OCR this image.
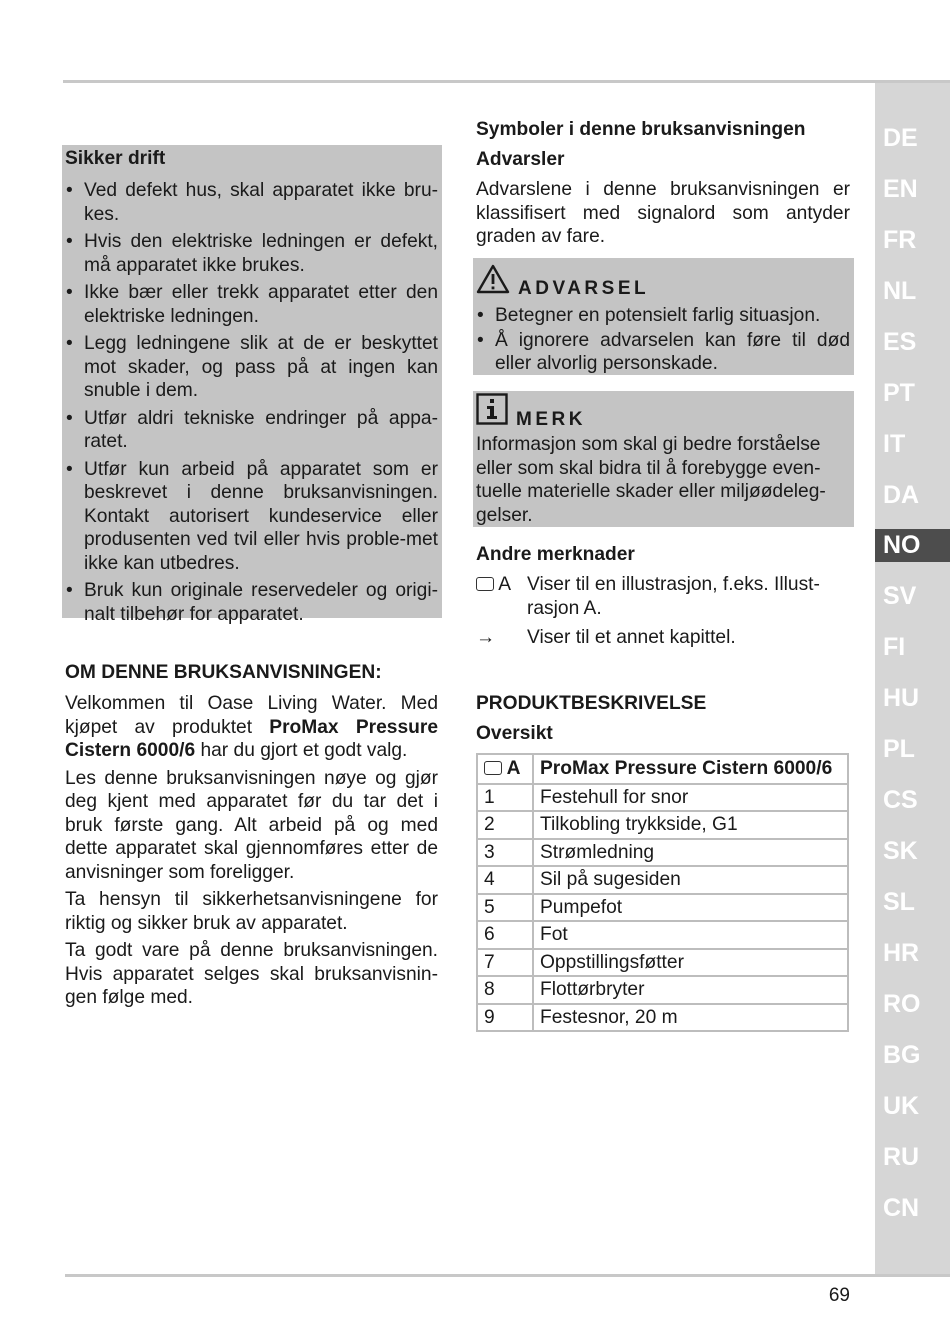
Sikker drift
• Ved defekt hus, skal apparatet ikke bru-kes.
• Hvis den elektriske ledningen er defekt, må apparatet ikke brukes.
• Ikke bær eller trekk apparatet etter den elektriske ledningen.
• Legg ledningene slik at de er beskyttet mot skader, og pass på at ingen kan snuble i dem.
• Utfør aldri tekniske endringer på appa-ratet.
• Utfør kun arbeid på apparatet som er beskrevet i denne bruksanvisningen. Kontakt autorisert kundeservice eller produsenten ved tvil eller hvis proble-met ikke kan utbedres.
• Bruk kun originale reservedeler og origi-nalt tilbehør for apparatet.
OM DENNE BRUKSANVISNINGEN:

Velkommen til Oase Living Water. Med kjøpet av produktet ProMax Pressure Cistern 6000/6 har du gjort et godt valg.

Les denne bruksanvisningen nøye og gjør deg kjent med apparatet før du tar det i bruk første gang. Alt arbeid på og med dette apparatet skal gjennomføres etter de anvisninger som foreligger.

Ta hensyn til sikkerhetsanvisningene for riktig og sikker bruk av apparatet.

Ta godt vare på denne bruksanvisningen. Hvis apparatet selges skal bruksanvisnin-gen følge med.

Symboler i denne bruksanvisningen
Advarsler

Advarslene i denne bruksanvisningen er klassifisert med signalord som antyder graden av fare.

ADVARSEL
• Betegner en potensielt farlig situasjon.
• Å ignorere advarselen kan føre til død eller alvorlig personskade.
MERK

Informasjon som skal gi bedre forståelse eller som skal bidra til å forebygge even-tuelle materielle skader eller miljøødeleg-gelser.

Andre merknader
A Viser til en illustrasjon, f.eks. Illust-rasjon A.
→	Viser til et annet kapittel.
PRODUKTBESKRIVELSE
Oversikt
A	ProMax Pressure Cistern 6000/6
1	Festehull for snor
2	Tilkobling trykkside, G1
3	Strømledning
4	Sil på sugesiden
5	Pumpefot
6	Fot
7	Oppstillingsføtter
8	Flottørbryter
9	Festesnor, 20 m
DE
EN
FR
NL
ES
PT
IT
DA
NO
SV
FI
HU
PL
CS
SK
SL
HR
RO
BG
UK
RU
CN
69
